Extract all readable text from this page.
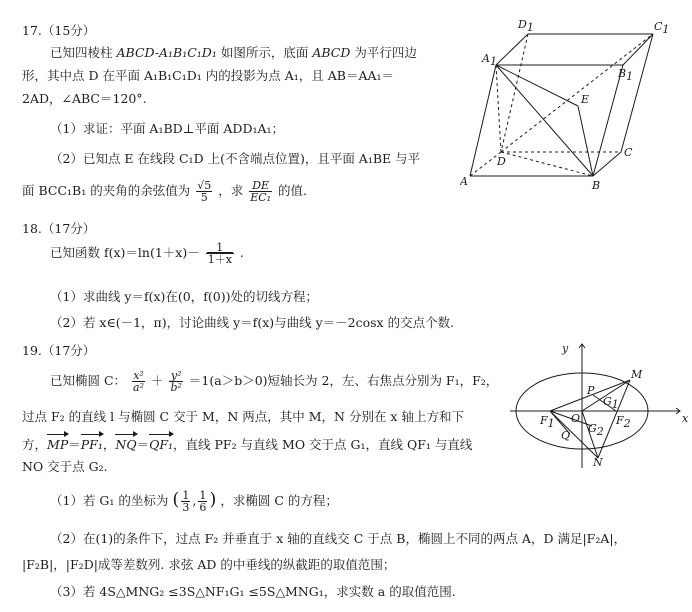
17.（15分）
已知四棱柱 ABCD-A₁B₁C₁D₁ 如图所示，底面 ABCD 为平行四边
形，其中点 D 在平面 A₁B₁C₁D₁ 内的投影为点 A₁，且 AB＝AA₁＝
2AD，∠ABC＝120°.
（1）求证：平面 A₁BD⊥平面 ADD₁A₁；
（2）已知点 E 在线段 C₁D 上(不含端点位置)，且平面 A₁BE 与平
面 BCC₁B₁ 的夹角的余弦值为 $\frac{√5}{5}$ ，求 $\frac{DE}{\text{EC₁}}$ 的值.
D1	C1
A1
B1
E
D
C
A	B
18.（17分）
已知函数 $f(x)=\ln(1+x)- \frac{1}{1+x}$ .
（1）求曲线 y＝f(x)在(0，f(0))处的切线方程；
（2）若 x∈(－1，π)，讨论曲线 y＝f(x)与曲线 y＝－2cosx 的交点个数.
19.（17分）
已知椭圆 C： $\frac{\text{x²}}{\text{a²}} + \frac{\text{y²}}{\text{b²}} =1(a>b>0)$短轴长为 2，左、右焦点分别为 F₁，F₂，
过点 F₂ 的直线 l 与椭圆 C 交于 M，N 两点，其中 M，N 分别在 x 轴上方和下
方，MP＝PF₁，NQ＝QF₁，直线 PF₂ 与直线 MO 交于点 G₁，直线 QF₁ 与直线
NO 交于点 G₂.
（1）若 G₁ 的坐标为 ( $\frac{1}{3}$ , $\frac{1}{6}$ ) ，求椭圆 C 的方程；
（2）在(1)的条件下，过点 F₂ 并垂直于 x 轴的直线交 C 于点 B，椭圆上不同的两点 A，D 满足|F₂A|，
|F₂B|，|F₂D|成等差数列. 求弦 AD 的中垂线的纵截距的取值范围；
（3）若 4S△MNG₂ ≤3S△NF₁G₁ ≤5S△MNG₁，求实数 a 的取值范围.
y
x
O
M
N
P
Q
F1	F2
G1
G2
